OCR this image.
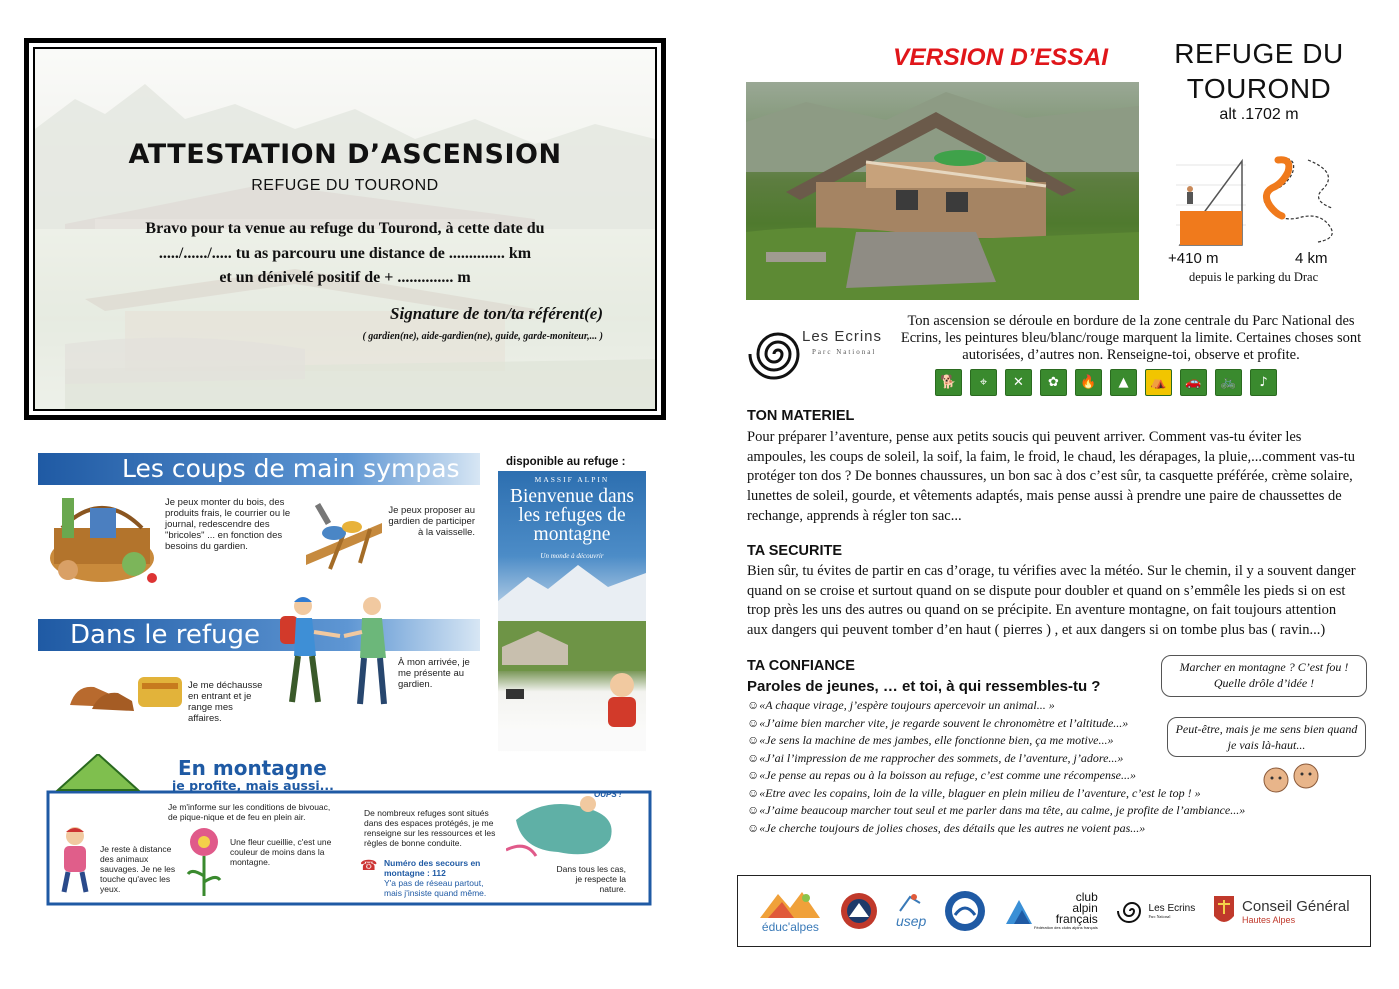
ATTESTATION D’ASCENSION
REFUGE DU TOUROND
Bravo pour ta venue au refuge du Tourond, à cette date du
...../....../..... tu as parcouru une distance de .............. km
et un dénivelé positif de + .............. m
Signature de ton/ta référent(e)
( gardien(ne), aide-gardien(ne), guide, garde-moniteur,... )
Les coups de main sympas
Je peux monter du bois, des produits frais, le courrier ou le journal, redescendre des "bricoles" ... en fonction des besoins du gardien.
Je peux proposer au gardien de participer à la vaisselle.
Dans le refuge
Je me déchausse en entrant et je range mes affaires.
À mon arrivée, je me présente au gardien.
En montagne
je profite, mais aussi...
Je m'informe sur les conditions de bivouac, de pique-nique et de feu en plein air.
Je reste à distance des animaux sauvages. Je ne les touche qu'avec les yeux.
Une fleur cueillie, c'est une couleur de moins dans la montagne.
De nombreux refuges sont situés dans des espaces protégés, je me renseigne sur les ressources et les règles de bonne conduite.
☎ Numéro des secours en montagne : 112
Y'a pas de réseau partout, mais j'insiste quand même.
OUPS !
Dans tous les cas, je respecte la nature.
disponible au refuge :
MASSIF ALPIN
Bienvenue dans les refuges de montagne
Un monde à découvrir
VERSION D’ESSAI	REFUGE DU
TOUROND
alt .1702 m
+410 m	4 km
depuis le parking du Drac
Les Ecrins
Parc National
Ton ascension se déroule en bordure de la zone centrale du Parc National des Ecrins, les peintures bleu/blanc/rouge marquent la limite. Certaines choses sont autorisées, d’autres non. Renseigne-toi, observe et profite.
🐕 ⌖ ✕ ✿ 🔥 ▲ ⛺ 🚗 🚲 ♪
TON MATERIEL
Pour préparer l’aventure, pense aux petits soucis qui peuvent arriver. Comment vas-tu éviter les ampoules, les coups de soleil, la soif, la faim, le froid, le chaud, les dérapages, la pluie,...comment vas-tu protéger ton dos ? De bonnes chaussures, un bon sac à dos c’est sûr, ta casquette préférée, crème solaire, lunettes de soleil, gourde, et vêtements adaptés, mais pense aussi à prendre une paire de chaussettes de rechange, apprends à régler ton sac...
TA SECURITE
Bien sûr, tu évites de partir en cas d’orage, tu vérifies avec la météo. Sur le chemin, il y a souvent danger quand on se croise et surtout quand on se dispute pour doubler et quand on s’emmêle les pieds si on est trop près les uns des autres ou quand on se précipite. En aventure montagne, on fait toujours attention aux dangers qui peuvent tomber d’en haut ( pierres ) , et aux dangers si on tombe plus bas ( ravin...)
TA CONFIANCE
Paroles de jeunes, … et toi, à qui ressembles-tu ?
☺ «A chaque virage, j’espère toujours apercevoir un animal... »
☺ «J’aime bien marcher vite, je regarde souvent le chronomètre et l’altitude...»
☺ «Je sens la machine de mes jambes, elle fonctionne bien, ça me motive...»
☺ «J’ai l’impression de me rapprocher des sommets, de l’aventure, j’adore...»
☺ «Je pense au repas ou à la boisson au refuge, c’est comme une récompense...»
☺ «Etre avec les copains, loin de la ville, blaguer en plein milieu de l’aventure, c’est le top ! »
☺ «J’aime beaucoup marcher tout seul et me parler dans ma tête, au calme, je profite de l’ambiance...»
☺ «Je cherche toujours de jolies choses, des détails que les autres ne voient pas...»
Marcher en montagne ? C’est fou ! Quelle drôle d’idée !
Peut-être, mais je me sens bien quand je vais là-haut...
éduc'alpes	usep
club
alpin
français
Fédération des clubs alpins français
Les Ecrins
Parc National
Conseil Général
Hautes Alpes
